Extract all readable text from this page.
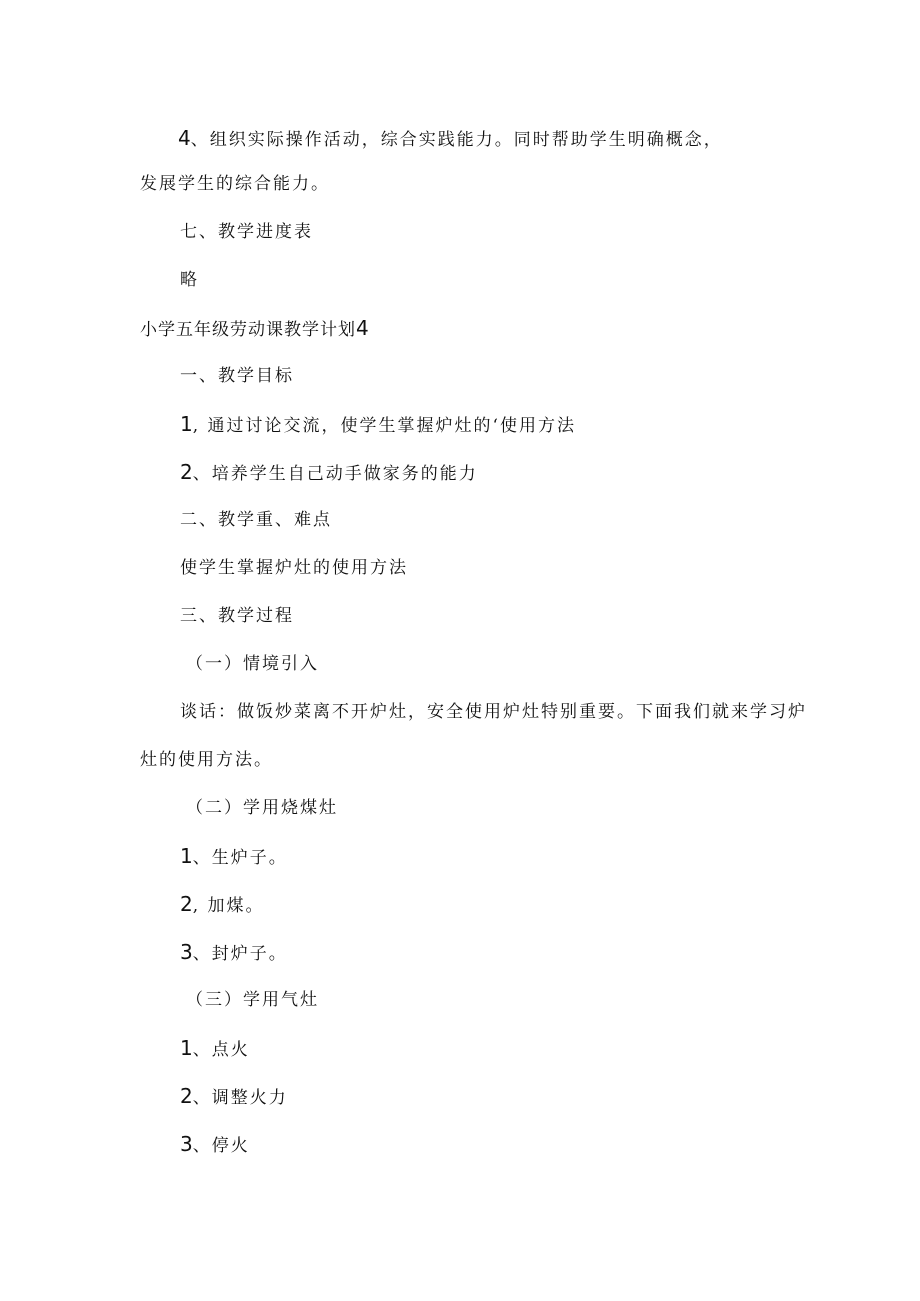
4、组织实际操作活动，综合实践能力。同时帮助学生明确概念，
发展学生的综合能力。
七、教学进度表
略
小学五年级劳动课教学计划4
一、教学目标
1, 通过讨论交流，使学生掌握炉灶的‘使用方法
2、培养学生自己动手做家务的能力
二、教学重、难点
使学生掌握炉灶的使用方法
三、教学过程
（一）情境引入
谈话：做饭炒菜离不开炉灶，安全使用炉灶特别重要。下面我们就来学习炉
灶的使用方法。
（二）学用烧煤灶
1、生炉子。
2, 加煤。
3、封炉子。
（三）学用气灶
1、点火
2、调整火力
3、停火
